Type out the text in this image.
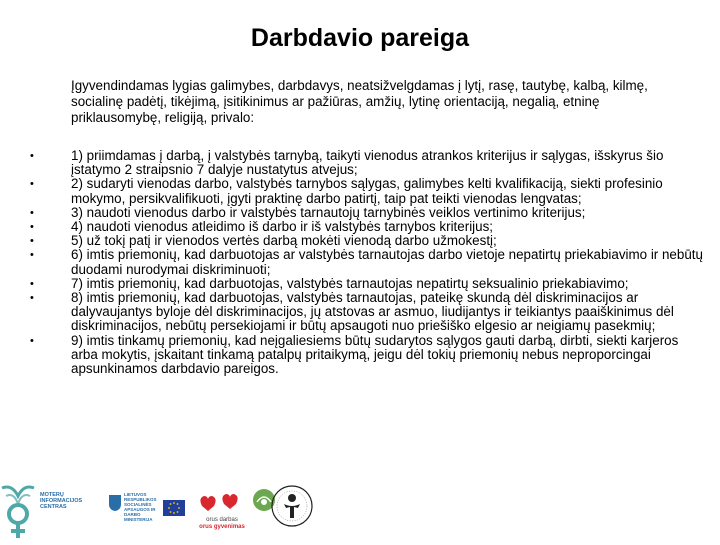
Darbdavio pareiga
Įgyvendindamas lygias galimybes, darbdavys, neatsižvelgdamas į lytį, rasę, tautybę, kalbą, kilmę, socialinę padėtį, tikėjimą, įsitikinimus ar pažiūras, amžių, lytinę orientaciją, negalią, etninę priklausomybę, religiją, privalo:
•	1) priimdamas į darbą, į valstybės tarnybą, taikyti vienodus atrankos kriterijus ir sąlygas, išskyrus šio įstatymo 2 straipsnio 7 dalyje nustatytus atvejus;
•	2) sudaryti vienodas darbo, valstybės tarnybos sąlygas, galimybes kelti kvalifikaciją, siekti profesinio mokymo, persikvalifikuoti, įgyti praktinę darbo patirtį, taip pat teikti vienodas lengvatas;
•	3) naudoti vienodus darbo ir valstybės tarnautojų tarnybinės veiklos vertinimo kriterijus;
•	4) naudoti vienodus atleidimo iš darbo ir iš valstybės tarnybos kriterijus;
•	5) už tokį patį ir vienodos vertės darbą mokėti vienodą darbo užmokestį;
•	6) imtis priemonių, kad darbuotojas ar valstybės tarnautojas darbo vietoje nepatirtų priekabiavimo ir nebūtų duodami nurodymai diskriminuoti;
•	7) imtis priemonių, kad darbuotojas, valstybės tarnautojas nepatirtų seksualinio priekabiavimo;
•	8) imtis priemonių, kad darbuotojas, valstybės tarnautojas, pateikę skundą dėl diskriminacijos ar dalyvaujantys byloje dėl diskriminacijos, jų atstovas ar asmuo, liudijantys ir teikiantys paaiškinimus dėl diskriminacijos, nebūtų persekiojami ir būtų apsaugoti nuo priešiško elgesio ar neigiamų pasekmių;
•	9) imtis tinkamų priemonių, kad neįgaliesiems būtų sudarytos sąlygos gauti darbą, dirbti, siekti karjeros arba mokytis, įskaitant tinkamą patalpų pritaikymą, jeigu dėl tokių priemonių nebus neproporcingai apsunkinamos darbdavio pareigos.
MOTERŲ
INFORMACIJOS
CENTRAS
LIETUVOS
RESPUBLIKOS
SOCIALINĖS
APSAUGOS IR
DARBO MINISTERIJA	orus darbas
orus gyvenimas
